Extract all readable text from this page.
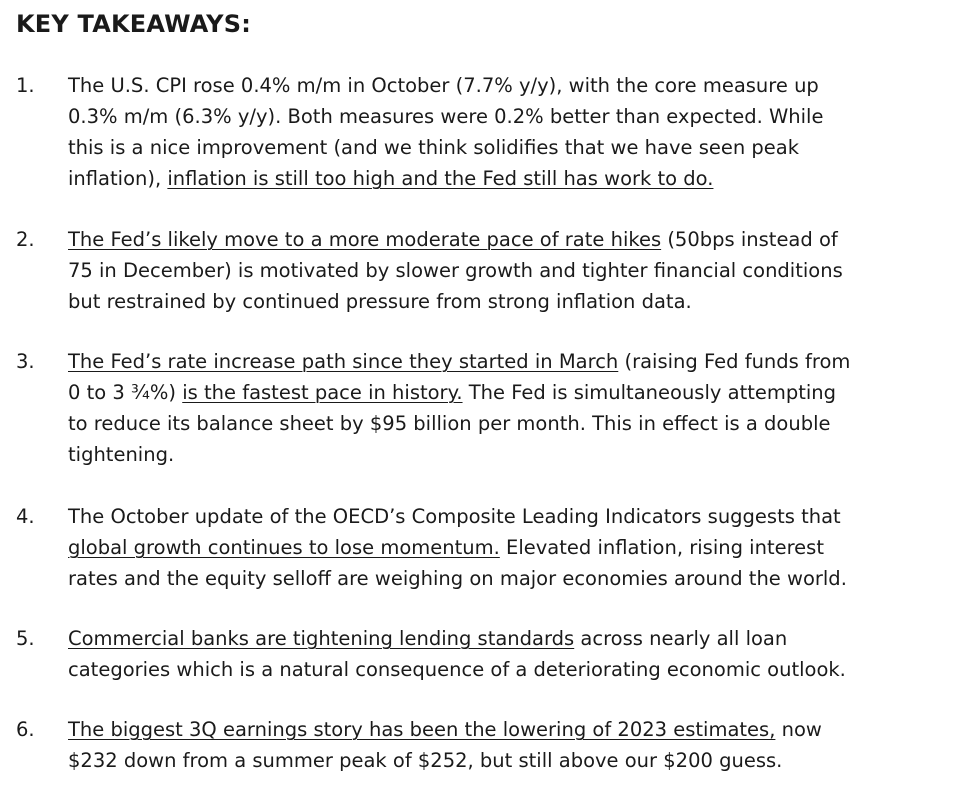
KEY TAKEAWAYS:
1. The U.S. CPI rose 0.4% m/m in October (7.7% y/y), with the core measure up
0.3% m/m (6.3% y/y). Both measures were 0.2% better than expected. While
this is a nice improvement (and we think solidifies that we have seen peak
inflation), inflation is still too high and the Fed still has work to do.
2. The Fed’s likely move to a more moderate pace of rate hikes (50bps instead of
75 in December) is motivated by slower growth and tighter financial conditions
but restrained by continued pressure from strong inflation data.
3. The Fed’s rate increase path since they started in March (raising Fed funds from
0 to 3 ¾%) is the fastest pace in history. The Fed is simultaneously attempting
to reduce its balance sheet by $95 billion per month. This in effect is a double
tightening.
4. The October update of the OECD’s Composite Leading Indicators suggests that
global growth continues to lose momentum. Elevated inflation, rising interest
rates and the equity selloff are weighing on major economies around the world.
5. Commercial banks are tightening lending standards across nearly all loan
categories which is a natural consequence of a deteriorating economic outlook.
6. The biggest 3Q earnings story has been the lowering of 2023 estimates, now
$232 down from a summer peak of $252, but still above our $200 guess.
